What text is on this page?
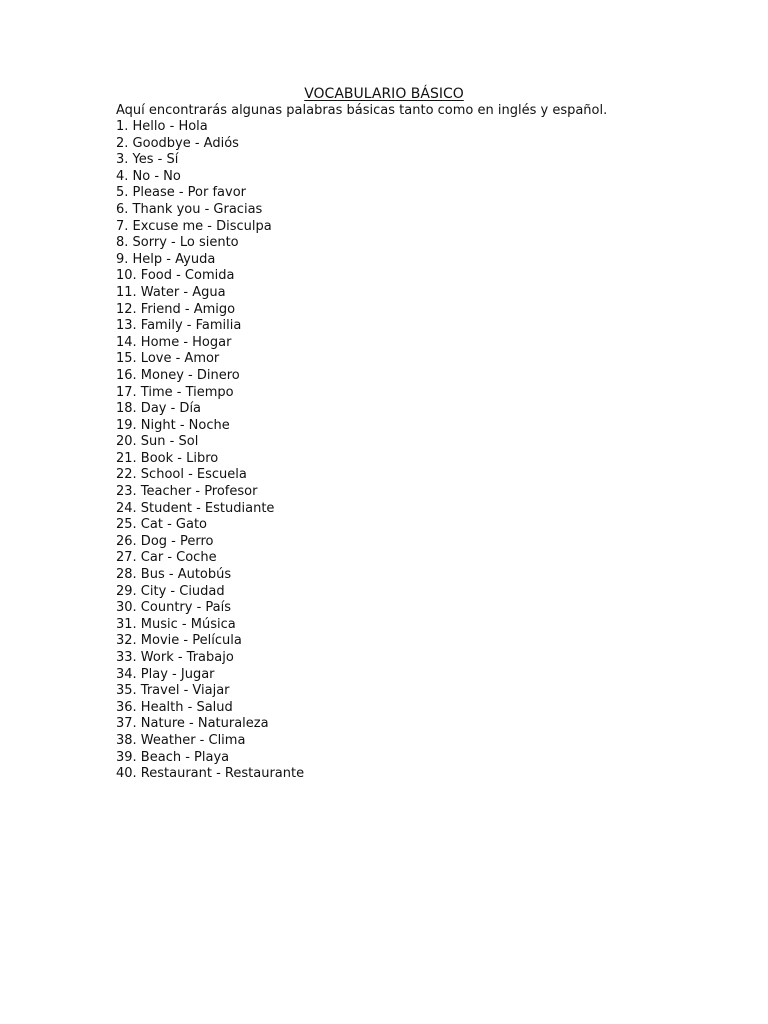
VOCABULARIO BÁSICO
Aquí encontrarás algunas palabras básicas tanto como en inglés y español.
1. Hello - Hola
2. Goodbye - Adiós
3. Yes - Sí
4. No - No
5. Please - Por favor
6. Thank you - Gracias
7. Excuse me - Disculpa
8. Sorry - Lo siento
9. Help - Ayuda
10. Food - Comida
11. Water - Agua
12. Friend - Amigo
13. Family - Familia
14. Home - Hogar
15. Love - Amor
16. Money - Dinero
17. Time - Tiempo
18. Day - Día
19. Night - Noche
20. Sun - Sol
21. Book - Libro
22. School - Escuela
23. Teacher - Profesor
24. Student - Estudiante
25. Cat - Gato
26. Dog - Perro
27. Car - Coche
28. Bus - Autobús
29. City - Ciudad
30. Country - País
31. Music - Música
32. Movie - Película
33. Work - Trabajo
34. Play - Jugar
35. Travel - Viajar
36. Health - Salud
37. Nature - Naturaleza
38. Weather - Clima
39. Beach - Playa
40. Restaurant - Restaurante
